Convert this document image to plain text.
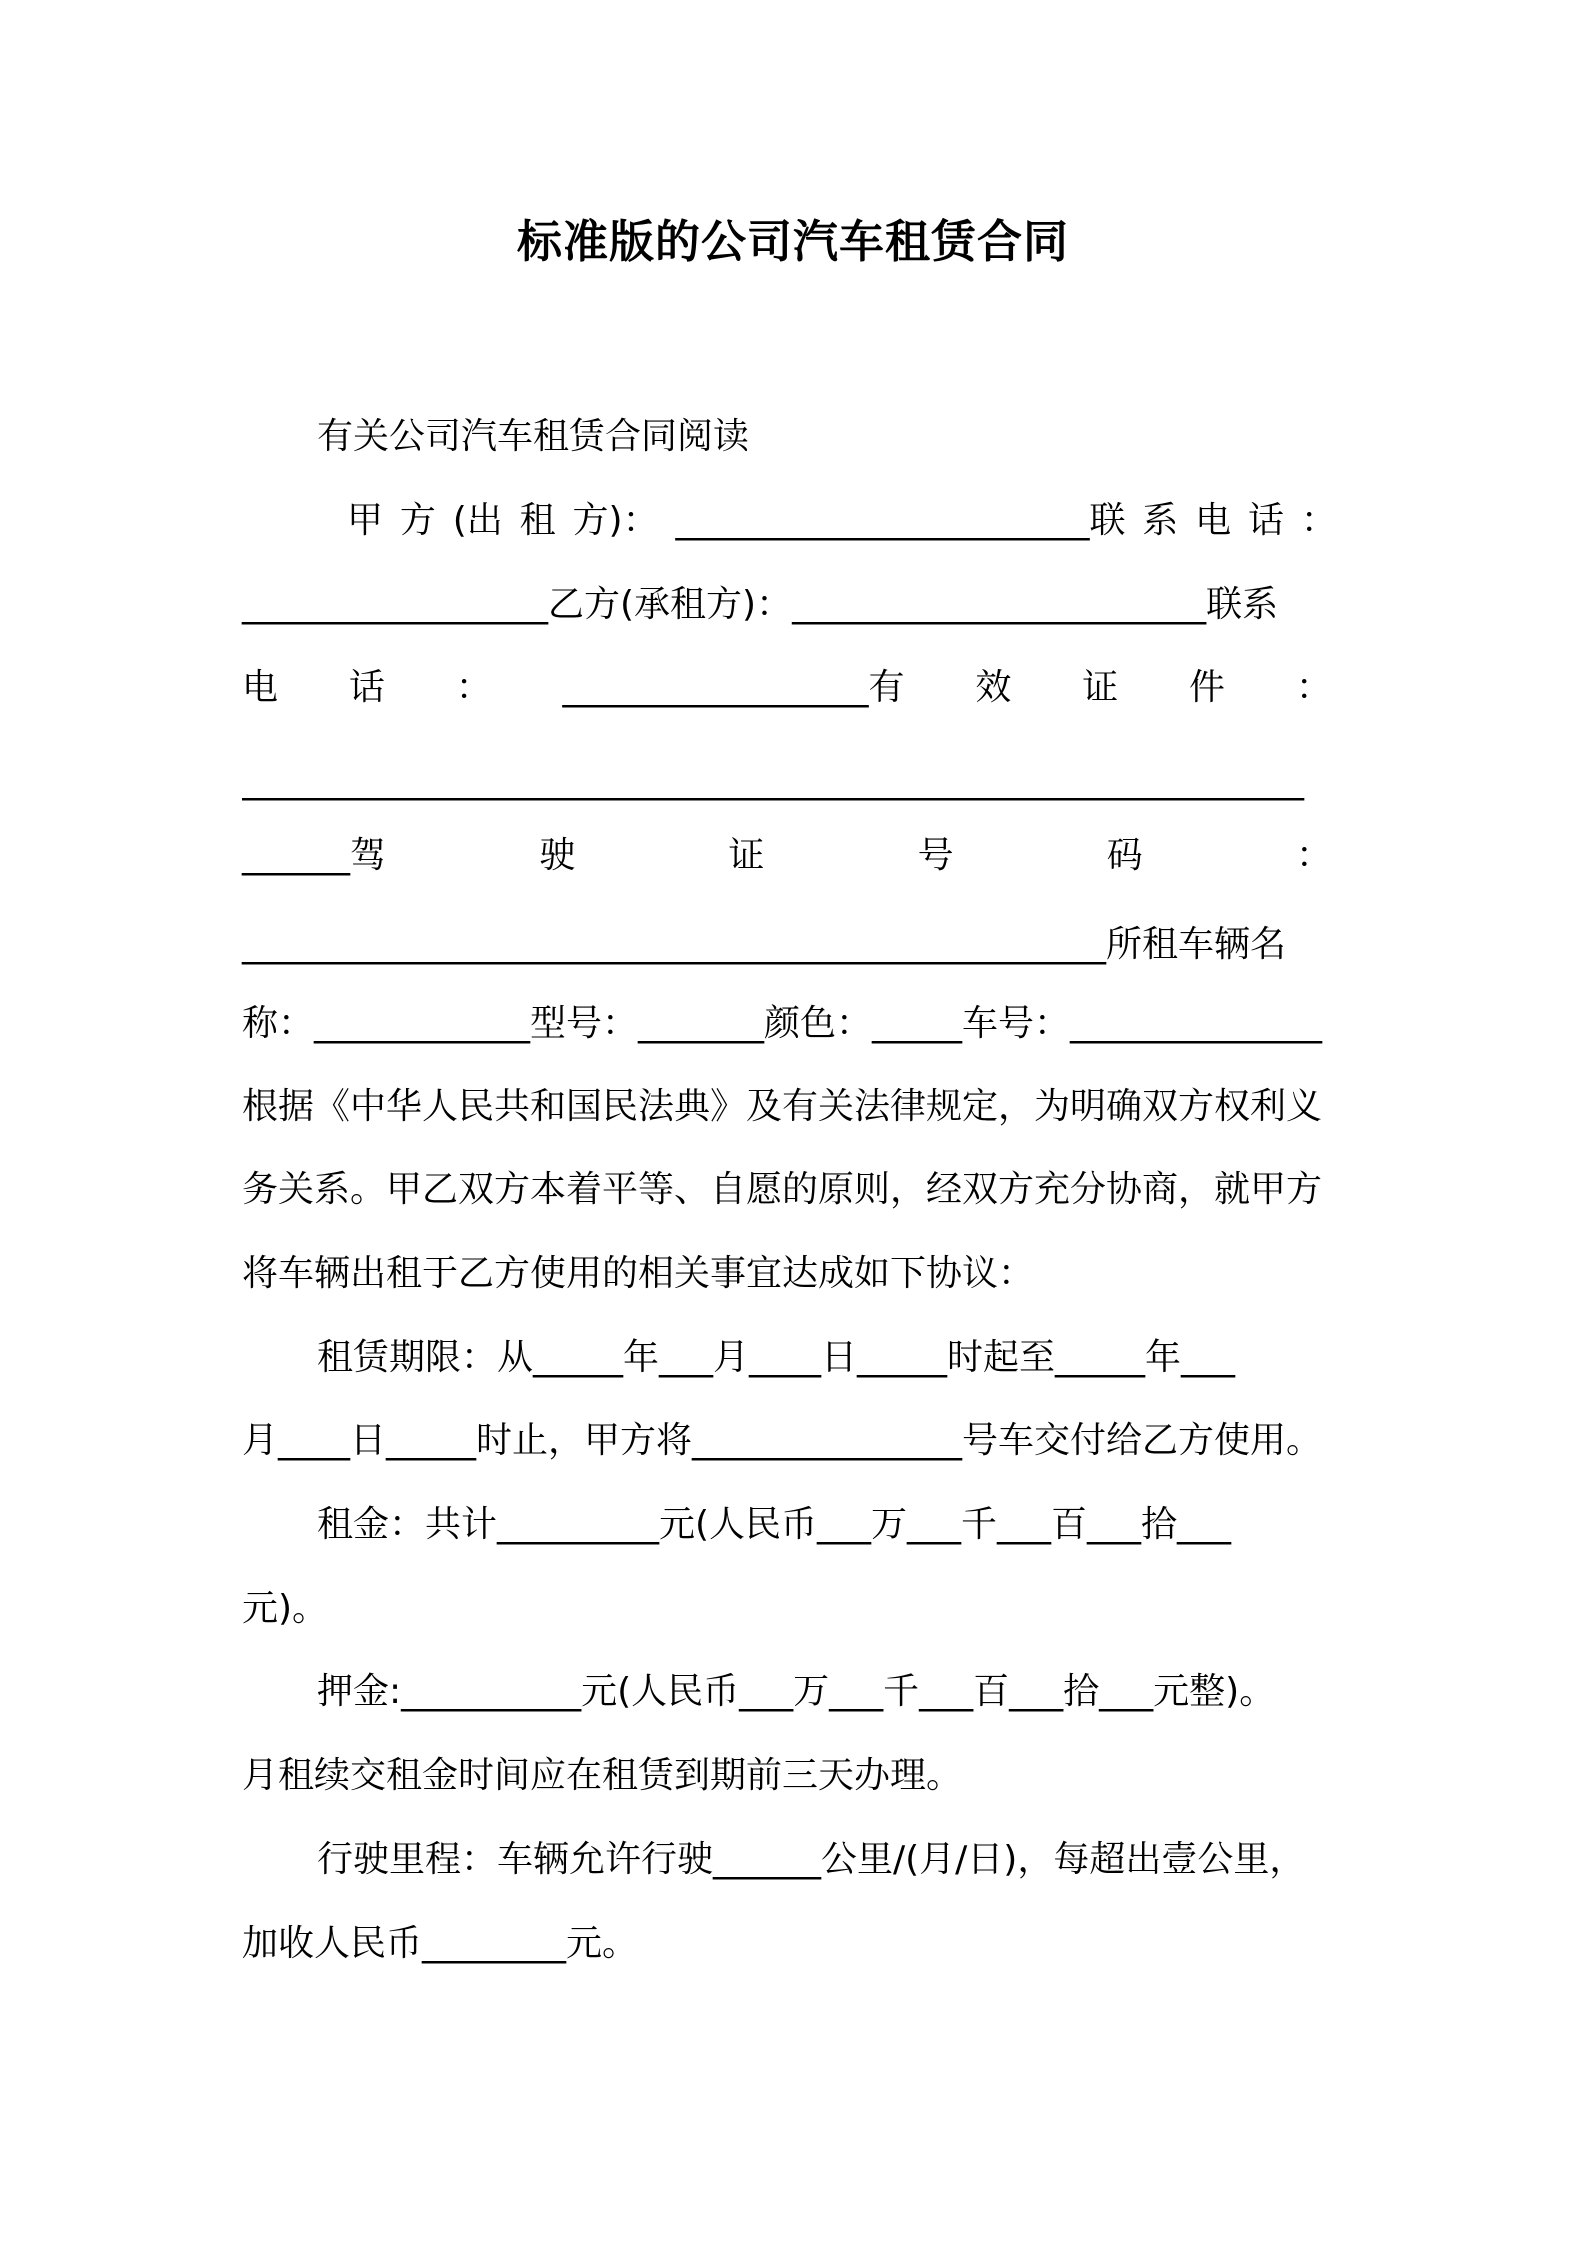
标准版的公司汽车租赁合同
有关公司汽车租赁合同阅读
甲 方 (出 租 方)： _______________________联 系 电 话 ：
_________________乙方(承租方)：_______________________联系
电 话 ： _________________有 效 证 件 ：
___________________________________________________________
______驾	驶	证	号	码	：
________________________________________________所租车辆名
称：____________型号：_______颜色：_____车号：______________
根据《中华人民共和国民法典》及有关法律规定，为明确双方权利义
务关系。甲乙双方本着平等、自愿的原则，经双方充分协商，就甲方
将车辆出租于乙方使用的相关事宜达成如下协议：
租赁期限：从_____年___月____日_____时起至_____年___
月____日_____时止，甲方将_______________号车交付给乙方使用。
租金：共计_________元(人民币___万___千___百___拾___
元)。
押金:__________元(人民币___万___千___百___拾___元整)。
月租续交租金时间应在租赁到期前三天办理。
行驶里程：车辆允许行驶______公里/(月/日)，每超出壹公里，
加收人民币________元。
